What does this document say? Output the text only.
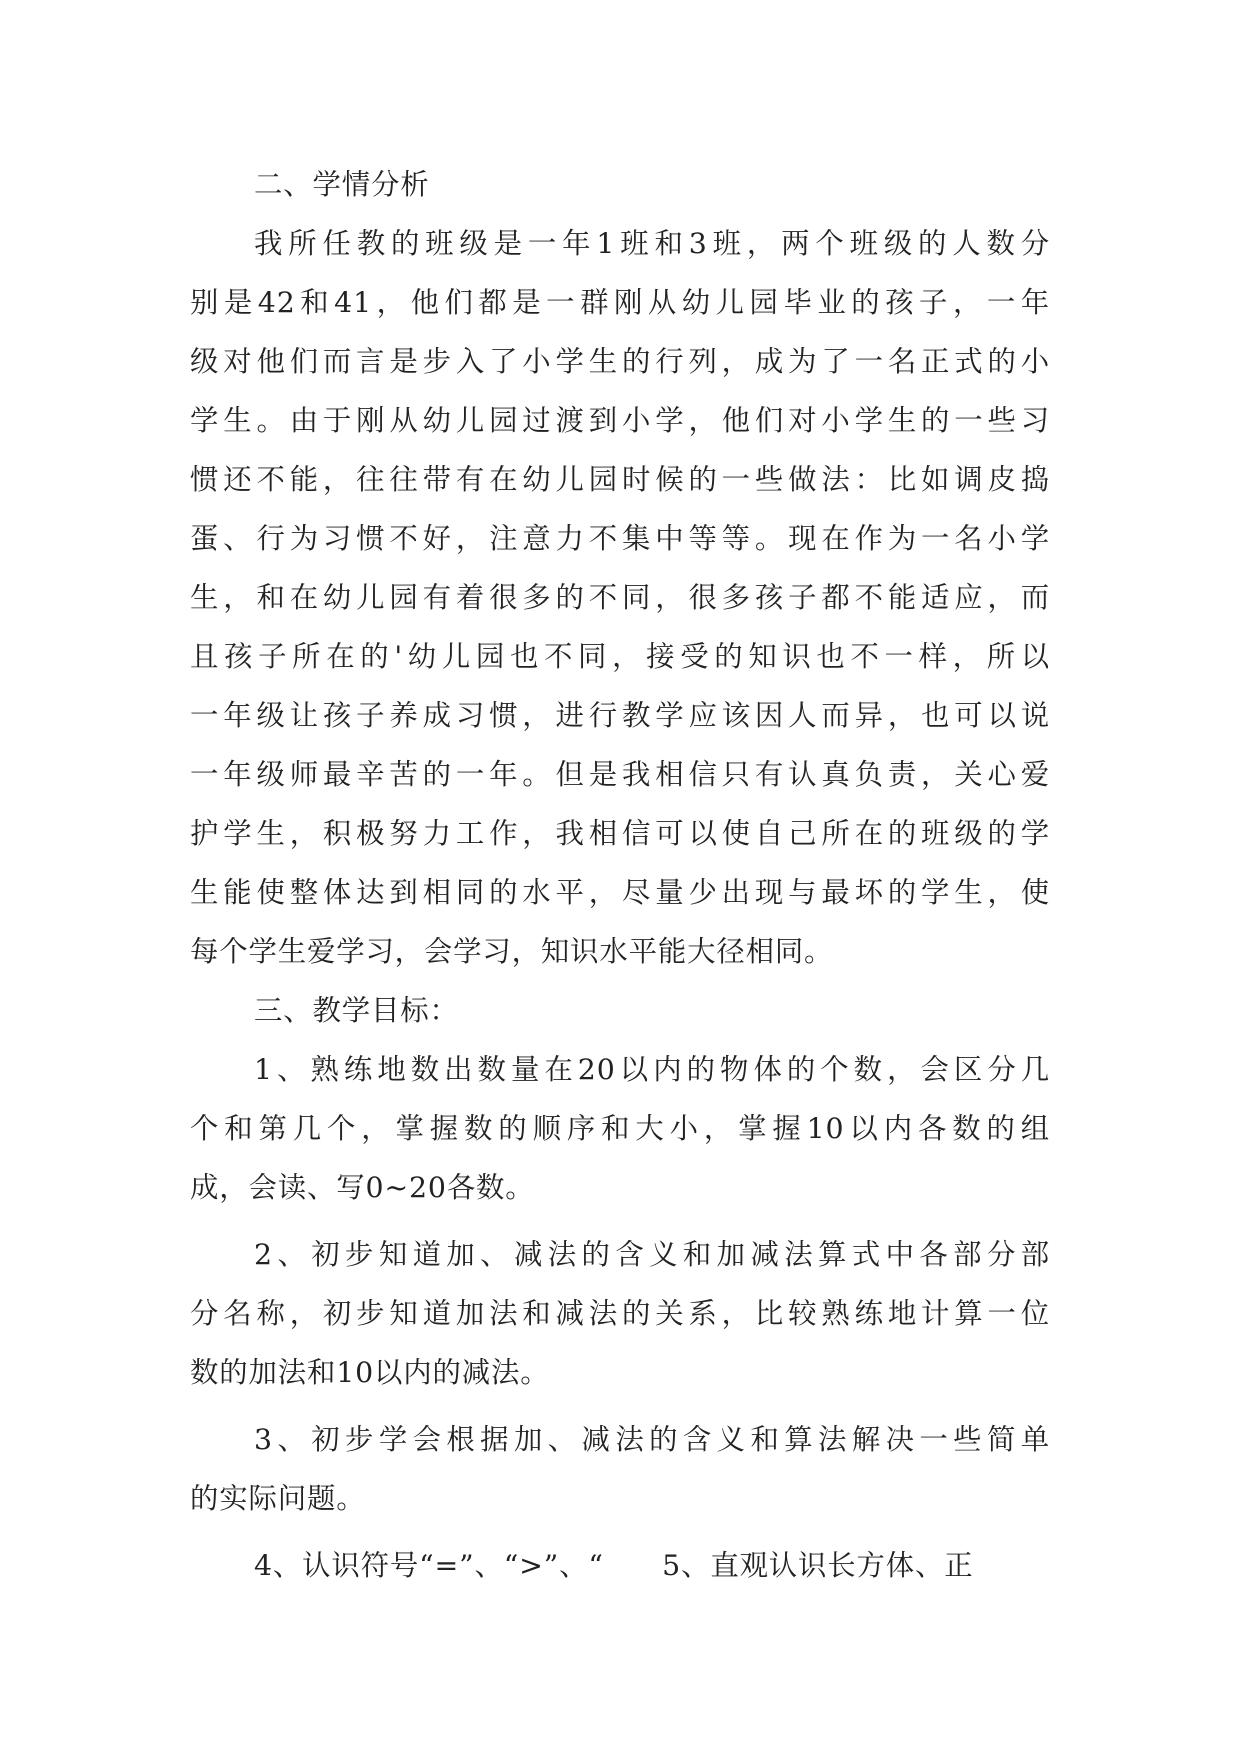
二、学情分析
我所任教的班级是一年1班和3班，两个班级的人数分
别是42和41，他们都是一群刚从幼儿园毕业的孩子，一年
级对他们而言是步入了小学生的行列，成为了一名正式的小
学生。由于刚从幼儿园过渡到小学，他们对小学生的一些习
惯还不能，往往带有在幼儿园时候的一些做法：比如调皮捣
蛋、行为习惯不好，注意力不集中等等。现在作为一名小学
生，和在幼儿园有着很多的不同，很多孩子都不能适应，而
且孩子所在的'幼儿园也不同，接受的知识也不一样，所以
一年级让孩子养成习惯，进行教学应该因人而异，也可以说
一年级师最辛苦的一年。但是我相信只有认真负责，关心爱
护学生，积极努力工作，我相信可以使自己所在的班级的学
生能使整体达到相同的水平，尽量少出现与最坏的学生，使
每个学生爱学习，会学习，知识水平能大径相同。
三、教学目标：
1、熟练地数出数量在20以内的物体的个数，会区分几
个和第几个，掌握数的顺序和大小，掌握10以内各数的组
成，会读、写0~20各数。
2、初步知道加、减法的含义和加减法算式中各部分部
分名称，初步知道加法和减法的关系，比较熟练地计算一位
数的加法和10以内的减法。
3、初步学会根据加、减法的含义和算法解决一些简单
的实际问题。
4、认识符号“=”、“>”、“　　5、直观认识长方体、正
